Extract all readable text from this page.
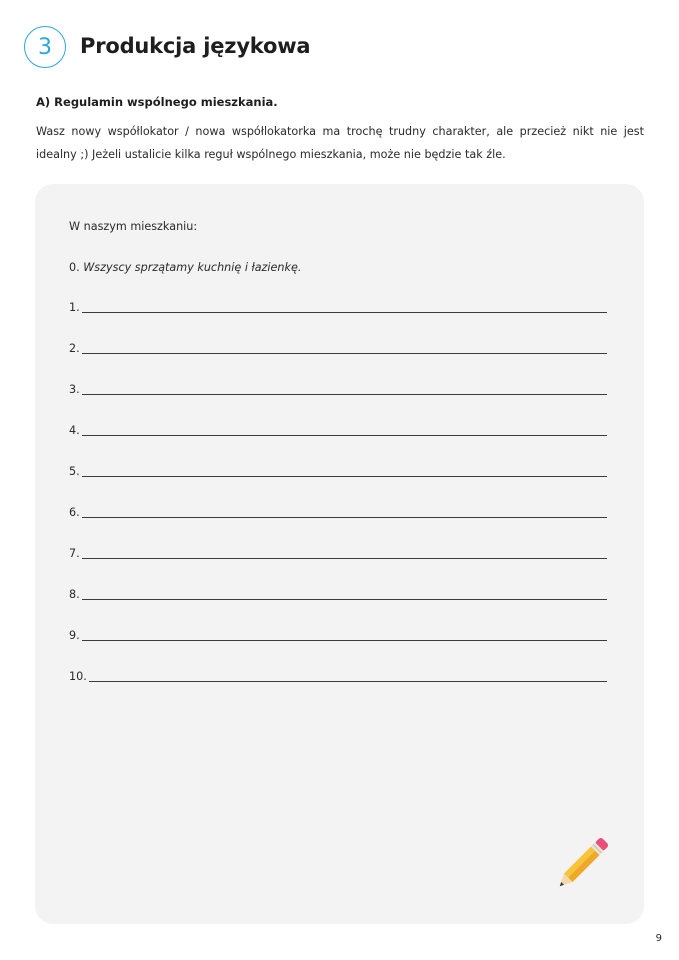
3 Produkcja językowa
A) Regulamin wspólnego mieszkania.
Wasz nowy współlokator / nowa współlokatorka ma trochę trudny charakter, ale przecież nikt nie jest idealny ;) Jeżeli ustalicie kilka reguł wspólnego mieszkania, może nie będzie tak źle.
W naszym mieszkaniu:
0. Wszyscy sprzątamy kuchnię i łazienkę.
1.
2.
3.
4.
5.
6.
7.
8.
9.
10.
9
